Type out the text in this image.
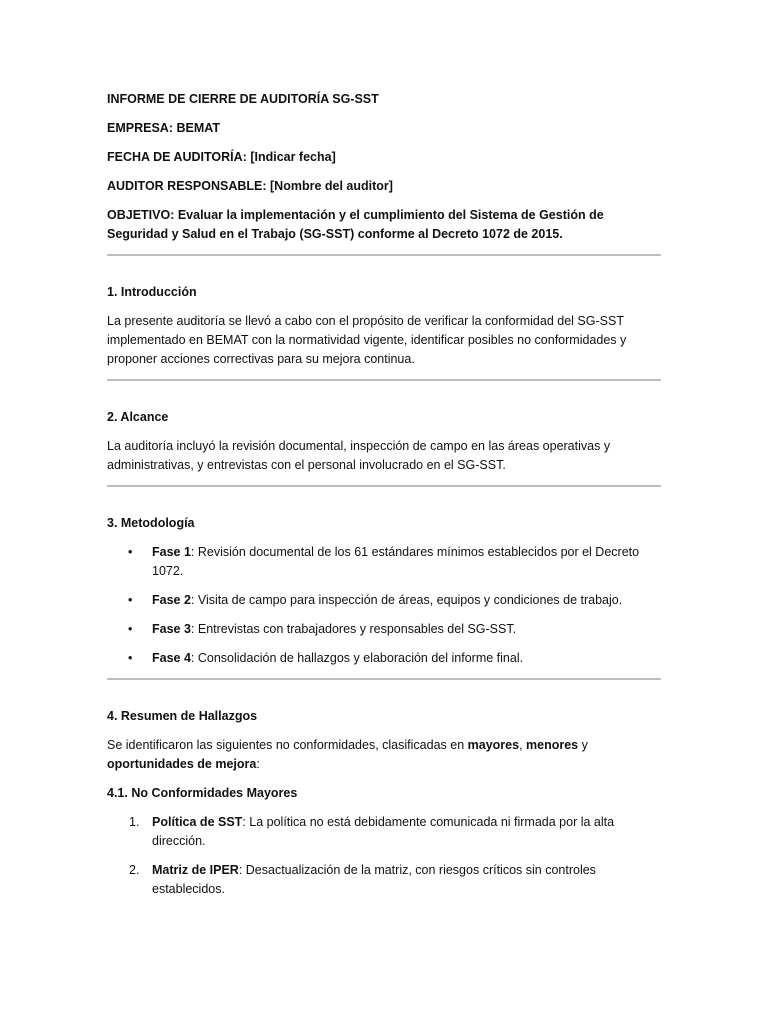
INFORME DE CIERRE DE AUDITORÍA SG-SST

EMPRESA: BEMAT

FECHA DE AUDITORÍA: [Indicar fecha]

AUDITOR RESPONSABLE: [Nombre del auditor]

OBJETIVO: Evaluar la implementación y el cumplimiento del Sistema de Gestión de Seguridad y Salud en el Trabajo (SG-SST) conforme al Decreto 1072 de 2015.

1. Introducción

La presente auditoría se llevó a cabo con el propósito de verificar la conformidad del SG-SST implementado en BEMAT con la normatividad vigente, identificar posibles no conformidades y proponer acciones correctivas para su mejora continua.

2. Alcance

La auditoría incluyó la revisión documental, inspección de campo en las áreas operativas y administrativas, y entrevistas con el personal involucrado en el SG-SST.

3. Metodología

• Fase 1: Revisión documental de los 61 estándares mínimos establecidos por el Decreto 1072.
• Fase 2: Visita de campo para inspección de áreas, equipos y condiciones de trabajo.
• Fase 3: Entrevistas con trabajadores y responsables del SG-SST.
• Fase 4: Consolidación de hallazgos y elaboración del informe final.

4. Resumen de Hallazgos

Se identificaron las siguientes no conformidades, clasificadas en mayores, menores y oportunidades de mejora:

4.1. No Conformidades Mayores

1. Política de SST: La política no está debidamente comunicada ni firmada por la alta dirección.
2. Matriz de IPER: Desactualización de la matriz, con riesgos críticos sin controles establecidos.
